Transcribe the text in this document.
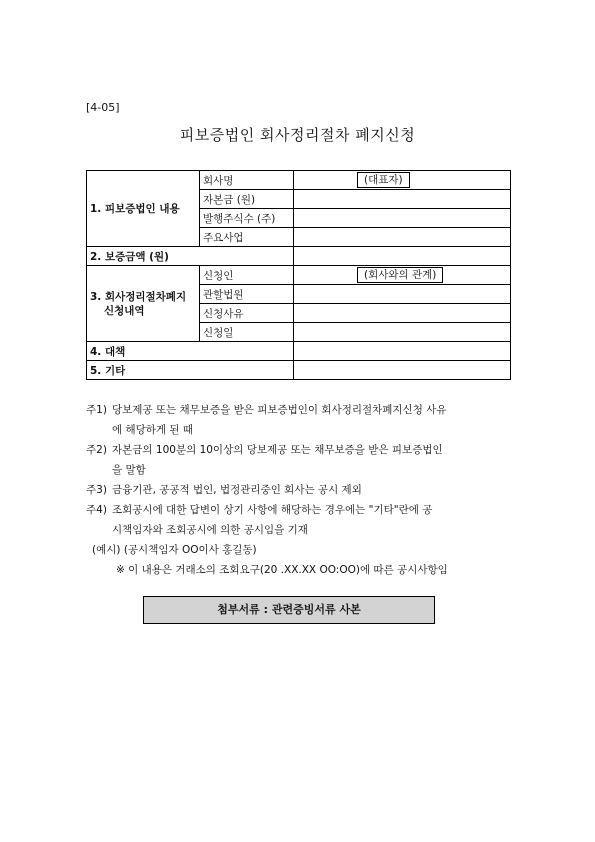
[4-05]
피보증법인 회사정리절차 폐지신청
1. 피보증법인 내용	회사명	(대표자)
	자본금 (원)	
	발행주식수 (주)	
	주요사업	
2. 보증금액 (원)		

3. 회사정리절차폐지
신청내역	신청인	(회사와의 관계)
	관할법원	
	신청사유	
	신청일	
4. 대책		
5. 기타		
주1) 당보제공 또는 채무보증을 받은 피보증법인이 회사정리절차폐지신청 사유
에 해당하게 된 때
주2) 자본금의 100분의 10이상의 당보제공 또는 채무보증을 받은 피보증법인
을 말함
주3) 금융기관, 공공적 법인, 법정관리중인 회사는 공시 제외
주4) 조회공시에 대한 답변이 상기 사항에 해당하는 경우에는 "기타"란에 공
시책임자와 조회공시에 의한 공시임을 기재
(예시) (공시책임자 OO이사 홍길동)
※ 이 내용은 거래소의 조회요구(20 .XX.XX OO:OO)에 따른 공시사항임
첨부서류 : 관련증빙서류 사본
